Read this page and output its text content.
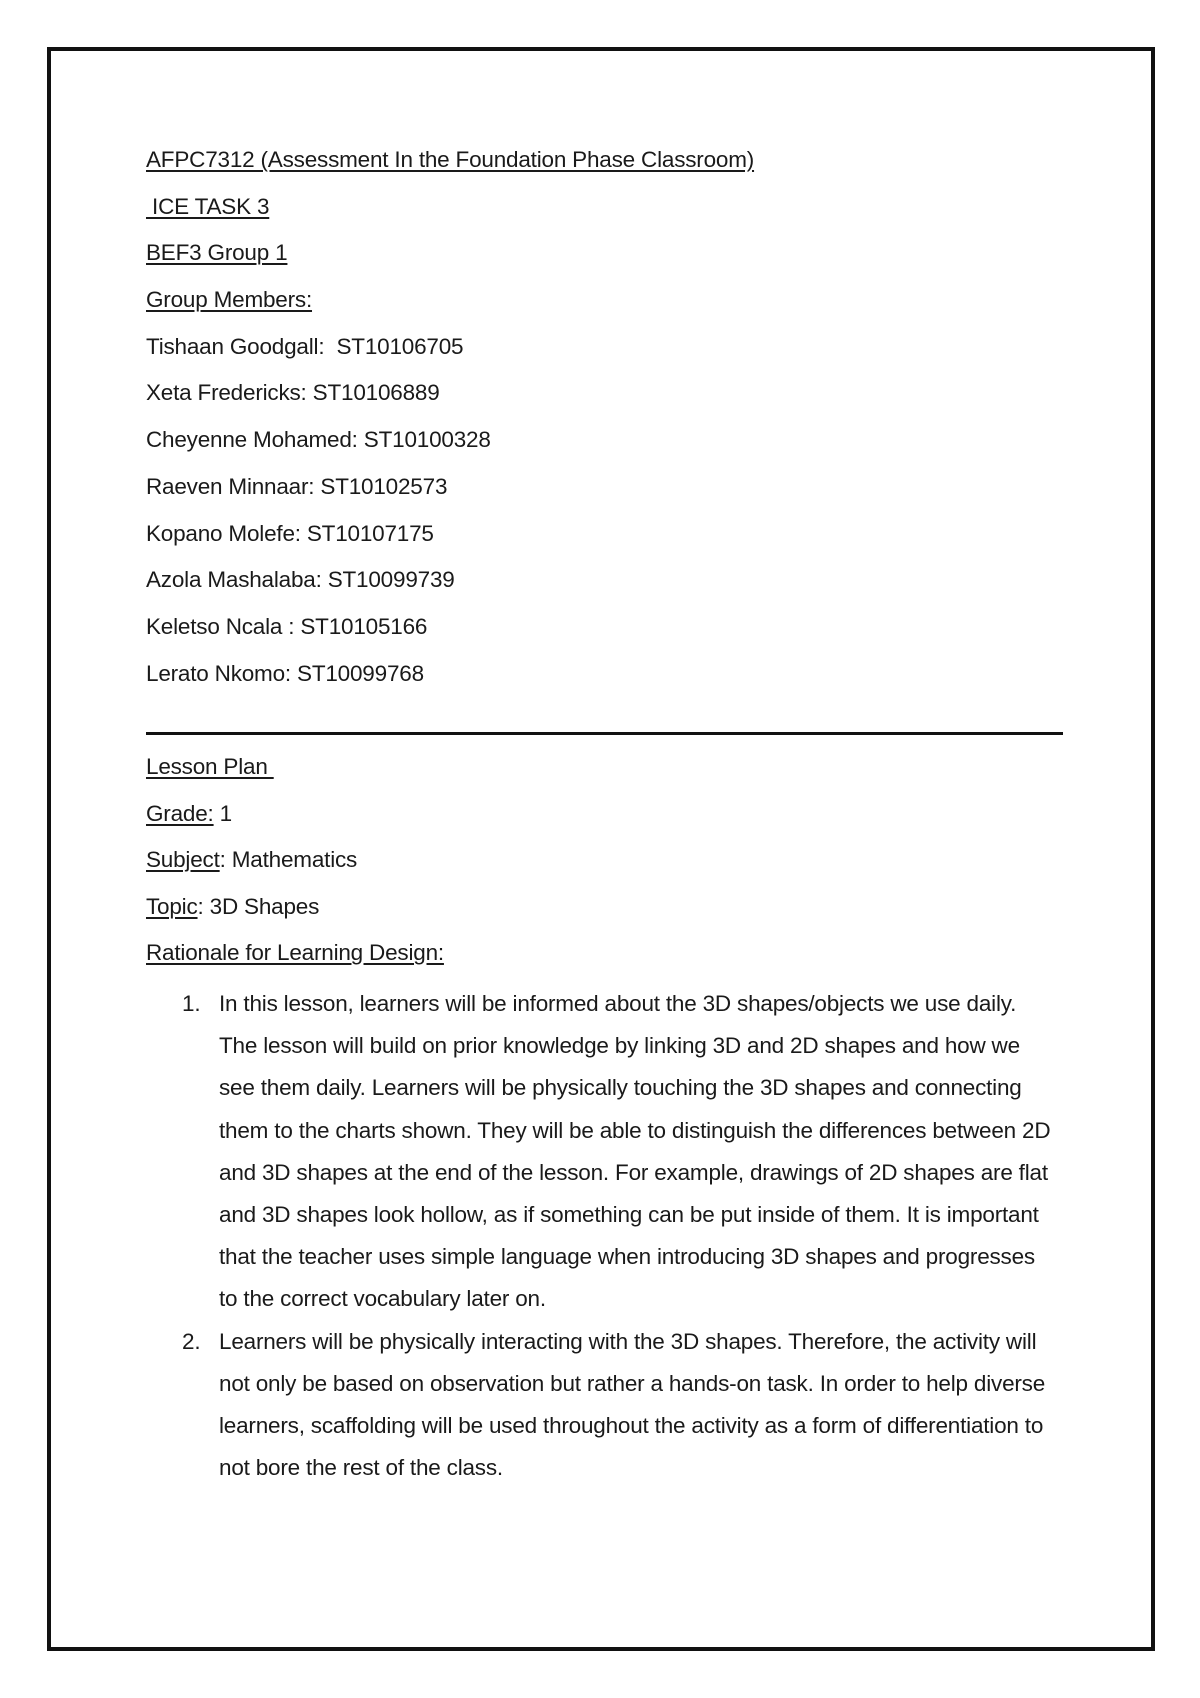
AFPC7312 (Assessment In the Foundation Phase Classroom)
ICE TASK 3
BEF3 Group 1
Group Members:
Tishaan Goodgall:  ST10106705
Xeta Fredericks: ST10106889
Cheyenne Mohamed: ST10100328
Raeven Minnaar: ST10102573
Kopano Molefe: ST10107175
Azola Mashalaba: ST10099739
Keletso Ncala : ST10105166
Lerato Nkomo: ST10099768
Lesson Plan
Grade: 1
Subject: Mathematics
Topic: 3D Shapes
Rationale for Learning Design:
1. In this lesson, learners will be informed about the 3D shapes/objects we use daily. The lesson will build on prior knowledge by linking 3D and 2D shapes and how we see them daily. Learners will be physically touching the 3D shapes and connecting them to the charts shown. They will be able to distinguish the differences between 2D and 3D shapes at the end of the lesson. For example, drawings of 2D shapes are flat and 3D shapes look hollow, as if something can be put inside of them. It is important that the teacher uses simple language when introducing 3D shapes and progresses to the correct vocabulary later on.
2. Learners will be physically interacting with the 3D shapes. Therefore, the activity will not only be based on observation but rather a hands-on task. In order to help diverse learners, scaffolding will be used throughout the activity as a form of differentiation to not bore the rest of the class.
